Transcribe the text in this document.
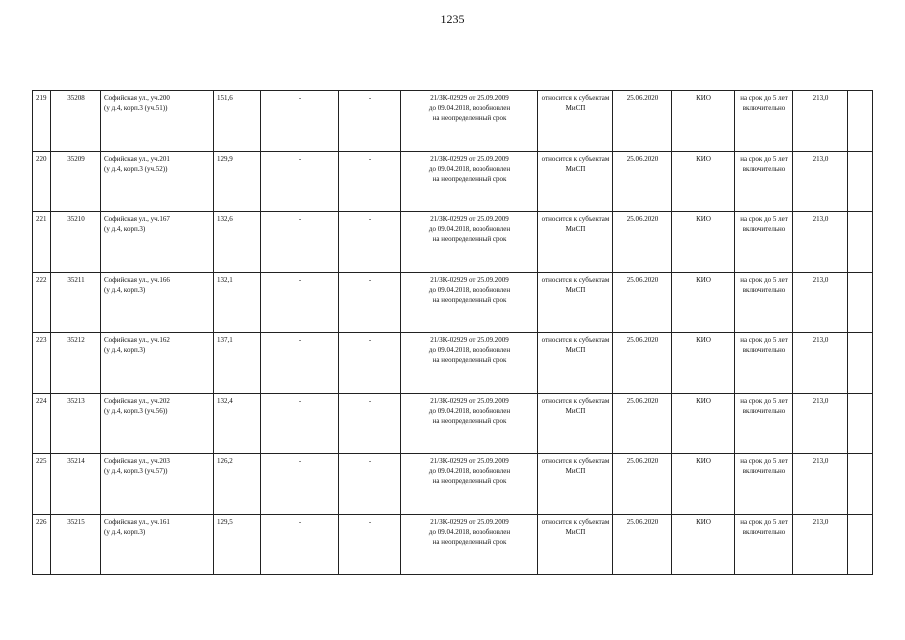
1235
219	35208	Софийская ул., уч.200
(у д.4, корп.3 (уч.51))	151,6	-	-	21/ЗК-02929 от 25.09.2009
до 09.04.2018, возобновлен
на неопределенный срок	относится к субъектам
МиСП	25.06.2020	КИО	на срок до 5 лет
включительно	213,0	

220	35209	Софийская ул., уч.201
(у д.4, корп.3 (уч.52))	129,9	-	-	21/ЗК-02929 от 25.09.2009
до 09.04.2018, возобновлен
на неопределенный срок	относится к субъектам
МиСП	25.06.2020	КИО	на срок до 5 лет
включительно	213,0	

221	35210	Софийская ул., уч.167
(у д.4, корп.3)	132,6	-	-	21/ЗК-02929 от 25.09.2009
до 09.04.2018, возобновлен
на неопределенный срок	относится к субъектам
МиСП	25.06.2020	КИО	на срок до 5 лет
включительно	213,0	

222	35211	Софийская ул., уч.166
(у д.4, корп.3)	132,1	-	-	21/ЗК-02929 от 25.09.2009
до 09.04.2018, возобновлен
на неопределенный срок	относится к субъектам
МиСП	25.06.2020	КИО	на срок до 5 лет
включительно	213,0	

223	35212	Софийская ул., уч.162
(у д.4, корп.3)	137,1	-	-	21/ЗК-02929 от 25.09.2009
до 09.04.2018, возобновлен
на неопределенный срок	относится к субъектам
МиСП	25.06.2020	КИО	на срок до 5 лет
включительно	213,0	

224	35213	Софийская ул., уч.202
(у д.4, корп.3 (уч.56))	132,4	-	-	21/ЗК-02929 от 25.09.2009
до 09.04.2018, возобновлен
на неопределенный срок	относится к субъектам
МиСП	25.06.2020	КИО	на срок до 5 лет
включительно	213,0	

225	35214	Софийская ул., уч.203
(у д.4, корп.3 (уч.57))	126,2	-	-	21/ЗК-02929 от 25.09.2009
до 09.04.2018, возобновлен
на неопределенный срок	относится к субъектам
МиСП	25.06.2020	КИО	на срок до 5 лет
включительно	213,0	

226	35215	Софийская ул., уч.161
(у д.4, корп.3)	129,5	-	-	21/ЗК-02929 от 25.09.2009
до 09.04.2018, возобновлен
на неопределенный срок	относится к субъектам
МиСП	25.06.2020	КИО	на срок до 5 лет
включительно	213,0	
